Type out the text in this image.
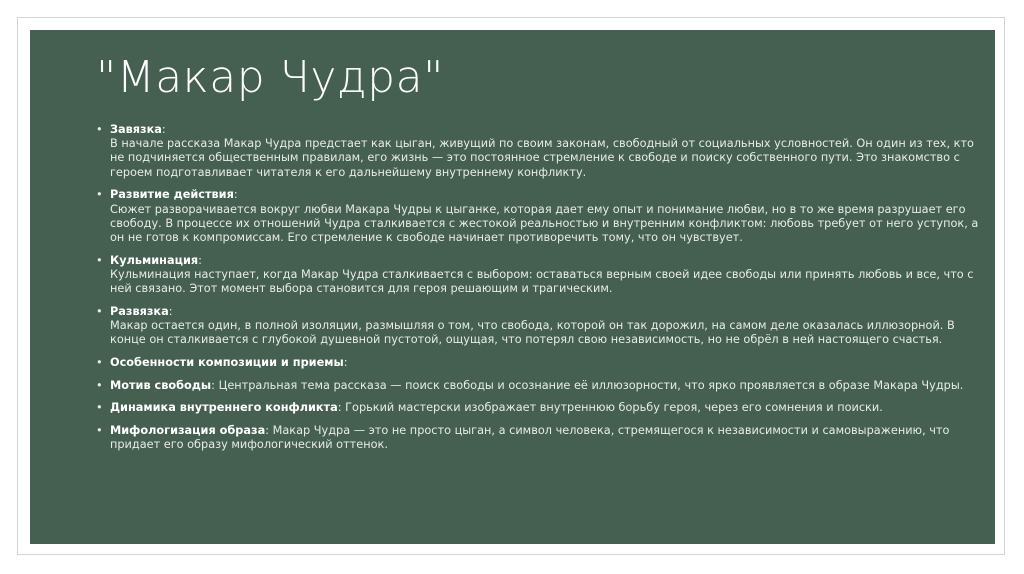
"Макар Чудра"
• Завязка:
В начале рассказа Макар Чудра предстает как цыган, живущий по своим законам, свободный от социальных условностей. Он один из тех, кто не подчиняется общественным правилам, его жизнь — это постоянное стремление к свободе и поиску собственного пути. Это знакомство с героем подготавливает читателя к его дальнейшему внутреннему конфликту.
• Развитие действия:
Сюжет разворачивается вокруг любви Макара Чудры к цыганке, которая дает ему опыт и понимание любви, но в то же время разрушает его свободу. В процессе их отношений Чудра сталкивается с жестокой реальностью и внутренним конфликтом: любовь требует от него уступок, а он не готов к компромиссам. Его стремление к свободе начинает противоречить тому, что он чувствует.
• Кульминация:
Кульминация наступает, когда Макар Чудра сталкивается с выбором: оставаться верным своей идее свободы или принять любовь и все, что с ней связано. Этот момент выбора становится для героя решающим и трагическим.
• Развязка:
Макар остается один, в полной изоляции, размышляя о том, что свобода, которой он так дорожил, на самом деле оказалась иллюзорной. В конце он сталкивается с глубокой душевной пустотой, ощущая, что потерял свою независимость, но не обрёл в ней настоящего счастья.
• Особенности композиции и приемы:
• Мотив свободы: Центральная тема рассказа — поиск свободы и осознание её иллюзорности, что ярко проявляется в образе Макара Чудры.
• Динамика внутреннего конфликта: Горький мастерски изображает внутреннюю борьбу героя, через его сомнения и поиски.
• Мифологизация образа: Макар Чудра — это не просто цыган, а символ человека, стремящегося к независимости и самовыражению, что придает его образу мифологический оттенок.
